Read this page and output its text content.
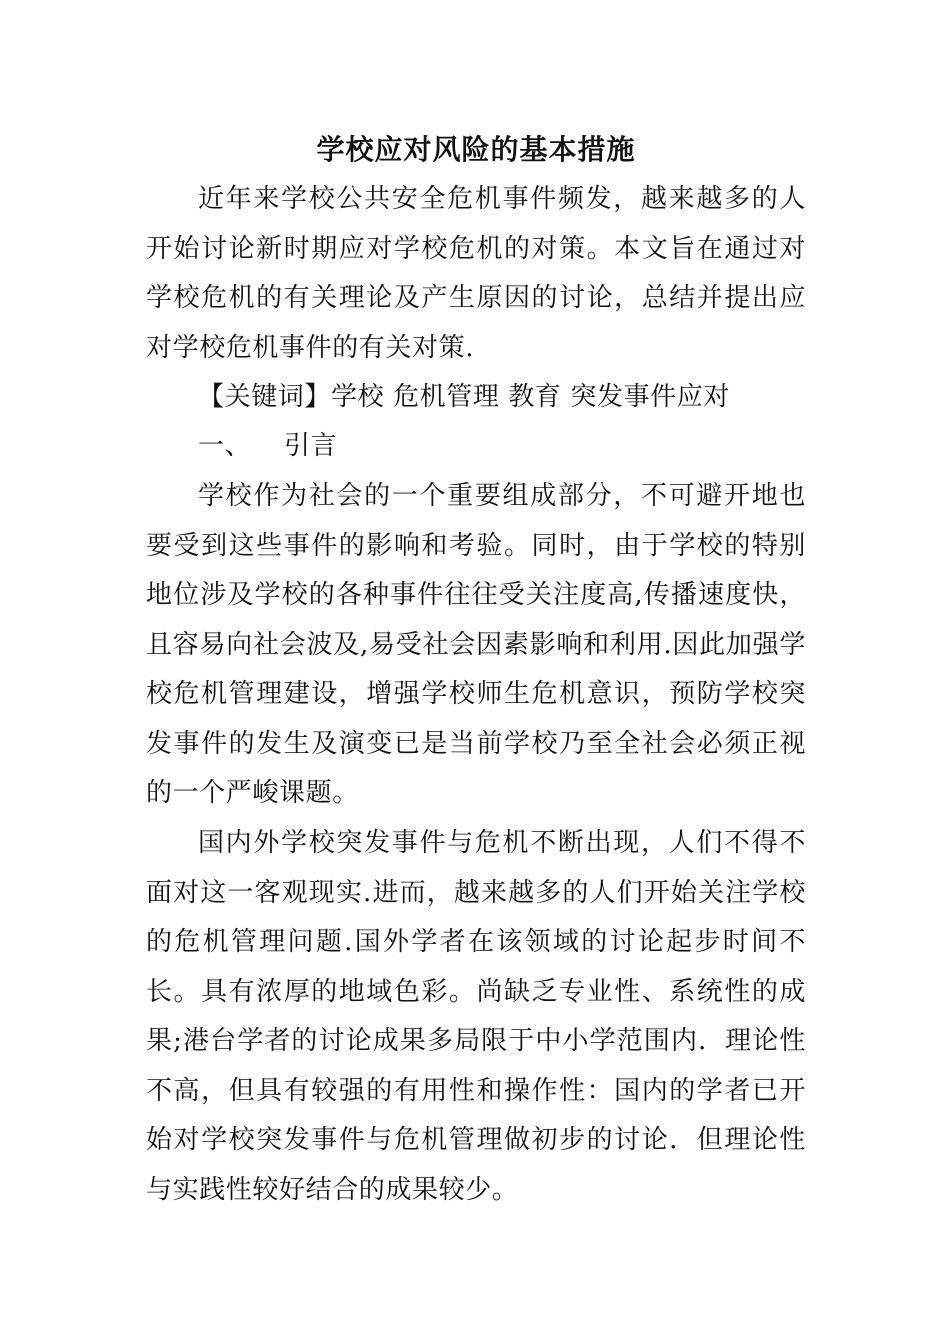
学校应对风险的基本措施
近年来学校公共安全危机事件频发，越来越多的人开始讨论新时期应对学校危机的对策。本文旨在通过对学校危机的有关理论及产生原因的讨论，总结并提出应对学校危机事件的有关对策.
【关键词】学校 危机管理 教育 突发事件应对
一、 引言
学校作为社会的一个重要组成部分，不可避开地也要受到这些事件的影响和考验。同时，由于学校的特别地位涉及学校的各种事件往往受关注度高,传播速度快，且容易向社会波及,易受社会因素影响和利用.因此加强学校危机管理建设，增强学校师生危机意识，预防学校突发事件的发生及演变已是当前学校乃至全社会必须正视的一个严峻课题。
国内外学校突发事件与危机不断出现，人们不得不面对这一客观现实.进而，越来越多的人们开始关注学校的危机管理问题.国外学者在该领域的讨论起步时间不长。具有浓厚的地域色彩。尚缺乏专业性、系统性的成果;港台学者的讨论成果多局限于中小学范围内．理论性不高，但具有较强的有用性和操作性：国内的学者已开始对学校突发事件与危机管理做初步的讨论．但理论性与实践性较好结合的成果较少。
